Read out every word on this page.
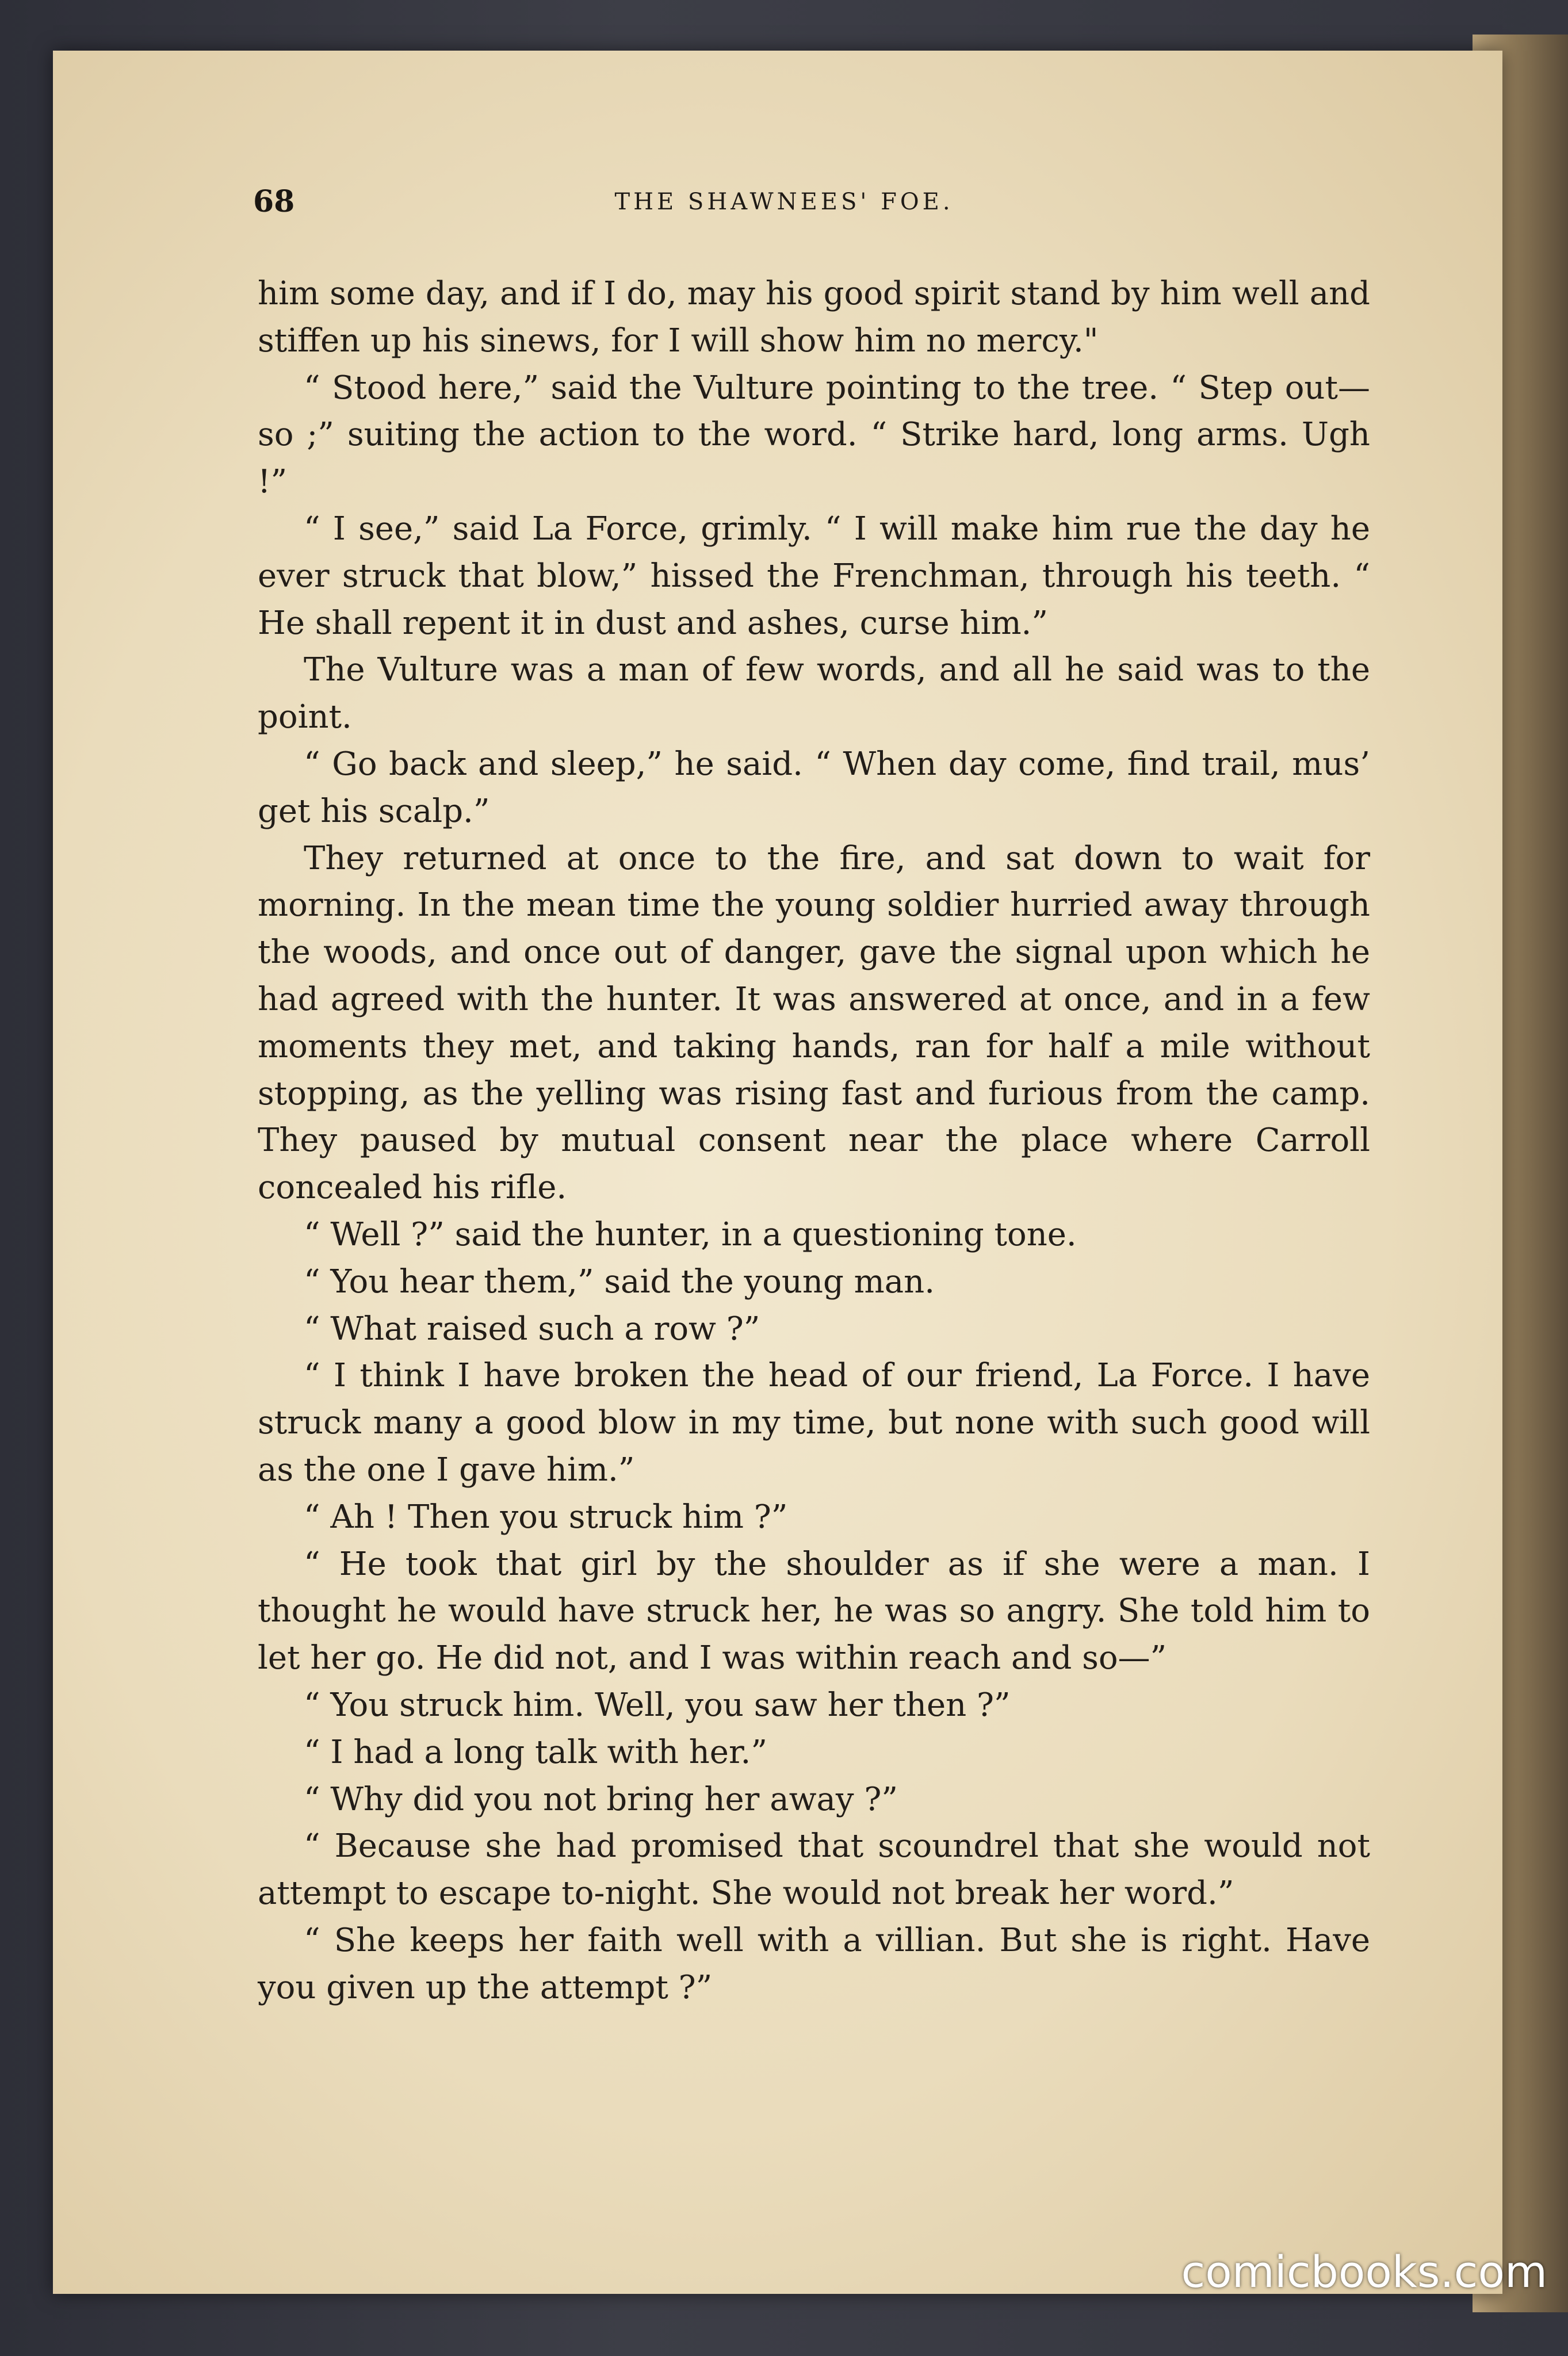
68	THE SHAWNEES' FOE.

him some day, and if I do, may his good spirit stand by him well and stiffen up his sinews, for I will show him no mercy."

“ Stood here,” said the Vulture pointing to the tree. “ Step out—so ;” suiting the action to the word. “ Strike hard, long arms. Ugh !”

“ I see,” said La Force, grimly. “ I will make him rue the day he ever struck that blow,” hissed the Frenchman, through his teeth. “ He shall repent it in dust and ashes, curse him.”

The Vulture was a man of few words, and all he said was to the point.

“ Go back and sleep,” he said. “ When day come, find trail, mus’ get his scalp.”

They returned at once to the fire, and sat down to wait for morning. In the mean time the young soldier hurried away through the woods, and once out of danger, gave the signal upon which he had agreed with the hunter. It was answered at once, and in a few moments they met, and taking hands, ran for half a mile without stopping, as the yelling was rising fast and furious from the camp. They paused by mutual consent near the place where Carroll concealed his rifle.

“ Well ?” said the hunter, in a questioning tone.

“ You hear them,” said the young man.

“ What raised such a row ?”

“ I think I have broken the head of our friend, La Force. I have struck many a good blow in my time, but none with such good will as the one I gave him.”

“ Ah ! Then you struck him ?”

“ He took that girl by the shoulder as if she were a man. I thought he would have struck her, he was so angry. She told him to let her go. He did not, and I was within reach and so—”

“ You struck him. Well, you saw her then ?”

“ I had a long talk with her.”

“ Why did you not bring her away ?”

“ Because she had promised that scoundrel that she would not attempt to escape to-night. She would not break her word.”

“ She keeps her faith well with a villian. But she is right. Have you given up the attempt ?”

comicbooks.com
